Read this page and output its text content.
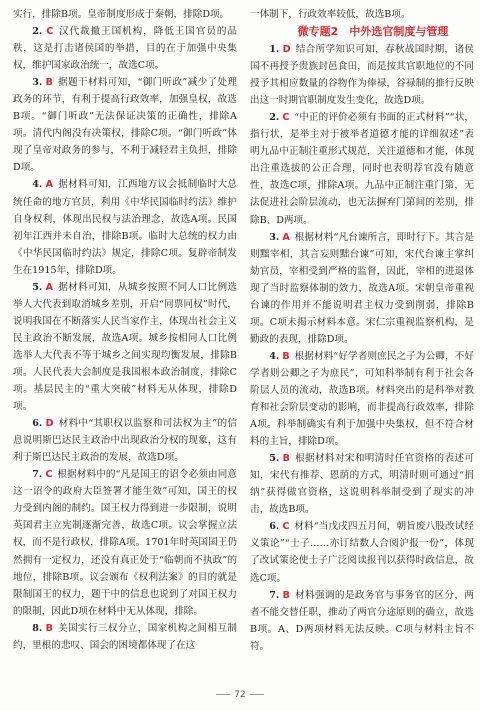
实行，排除B项。皇帝制度形成于秦朝，排除D项。

2. C  汉代裁撤王国机构，降低王国官员的品秩，这是打击诸侯国的举措，目的在于加强中央集权，维护国家政治统一，故选C项。

3. B  据题干材料可知，“御门听政”减少了处理政务的环节，有利于提高行政效率，加强皇权，故选B项。“御门听政”无法保证决策的正确性，排除A项。清代内阁没有决策权，排除C项。“御门听政”体现了皇帝对政务的参与，不利于减轻君主负担，排除D项。

4. A  据材料可知，江西地方议会抵制临时大总统任命的地方官员，利用《中华民国临时约法》维护自身权利，体现出民权与法治理念，故选A项。民国初年江西并未自治，排除B项。临时大总统的权力由《中华民国临时约法》规定，排除C项。复辟帝制发生在1915年，排除D项。

5. A  据材料可知，从城乡按照不同人口比例选举人大代表到取消城乡差别，开启“同票同权”时代，说明我国在不断落实人民当家作主，体现出社会主义民主政治不断发展，故选A项。城乡按相同人口比例选举人大代表不等于城乡之间实现均衡发展，排除B项。人民代表大会制度是我国根本政治制度，排除C项。基层民主的“重大突破”材料无从体现，排除D项。

6. D  材料中“其职权以监察和司法权为主”的信息说明斯巴达民主政治中出现政治分权的现象，这有利于斯巴达民主政治的发展，故选D项。

7. C  根据材料中的“凡是国王的诏令必须由同意这一诏令的政府大臣签署才能生效”可知，国王的权力受到内阁的制约。国王权力得到进一步限制，说明英国君主立宪制逐渐完善，故选C项。议会掌握立法权，而不是行政权，排除A项。1701年时英国国王仍然拥有一定权力，还没有真正处于“临朝而不执政”的地位，排除B项。议会颁布《权利法案》的目的就是限制国王的权力，题干中的信息也说到了对国王权力的限制，因此D项在材料中无从体现，排除。

8. B  美国实行三权分立，国家机构之间相互制约，里根的悲叹、国会的困境都体现了在这

一体制下，行政效率较低，故选B项。

微专题2　中外选官制度与管理

1. D  结合所学知识可知，春秋战国时期，诸侯国不再授予贵族封邑食田，而是按其官职地位的不同授予其相应数量的谷物作为俸禄，谷禄制的推行反映出这一时期官职制度发生变化，故选D项。

2. C  “中正的评价必须有书面的正式材料”“状，指行状，是举主对于被举者道德才能的详细叙述”表明九品中正制注重形式规范，关注道德和才能，体现出注重选拔的公正合理，同时也表明荐官没有随意性，故选C项，排除A项。九品中正制注重门第，无法促进社会阶层流动，也无法摒弃门第间的差别，排除B、D两项。

3. A  根据材料“凡台谏所言，即时行下。其言是则黜宰相，其言妄则黜台谏”可知，宋代台谏主掌纠劾官员，宰相受到严格的监督，因此，宰相的进退体现了当时监察体制的效力，故选A项。宋朝皇帝重视台谏的作用并不能说明君主权力受到削弱，排除B项。C项未揭示材料本意。宋仁宗重视监察机构，是勤政的表现，排除D项。

4. B  根据材料“好学者则庶民之子为公卿，不好学者则公卿之子为庶民”，可知科举制有利于社会各阶层人员的流动，故选B项。材料突出的是科举对教育和社会阶层变动的影响，而非提高行政效率，排除A项。科举制确实有利于加强中央集权，但不符合材料的主旨，排除D项。

5. B  根据材料对宋和明清时任官资格的表述可知，宋代有推荐、恩荫的方式，明清时则可通过“捐纳”获得做官资格，这说明科举制受到了现实的冲击，故选B项。

6. C  材料“当戊戌四五月间，朝旨废八股改试经义策论”“士子……亦订结数人合阅沪报一份”，体现了改试策论使士子广泛阅读报刊以获得时政信息，故选C项。

7. B  材料强调的是政务官与事务官的区分，两者不能交替任职，推动了两官分途原则的确立，故选B项。A、D两项材料无法反映。C项与材料主旨不符。

72
